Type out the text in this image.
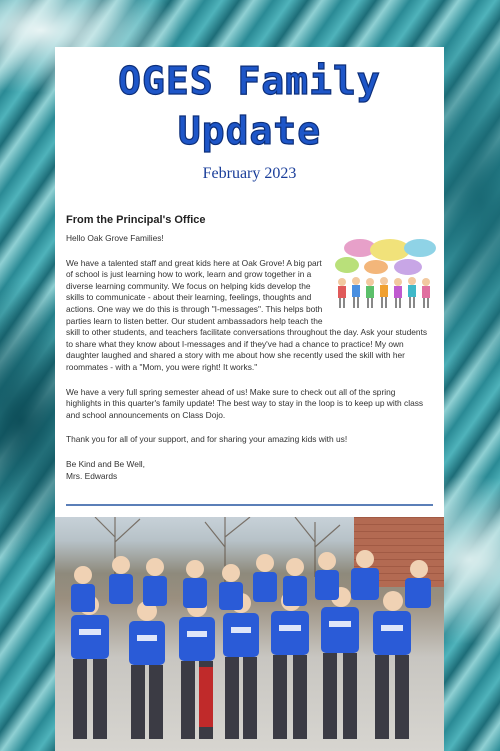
OGES Family
Update
February 2023
From the Principal's Office

Hello Oak Grove Families!

We have a talented staff and great kids here at Oak Grove! A big part of school is just learning how to work, learn and grow together in a diverse learning community. We focus on helping kids develop the skills to communicate - about their learning, feelings, thoughts and actions. One way we do this is through "I-messages". This helps both parties learn to listen better. Our student ambassadors help teach the skill to other students, and teachers facilitate conversations throughout the day. Ask your students to share what they know about I-messages and if they've had a chance to practice! My own daughter laughed and shared a story with me about how she recently used the skill with her roommates - with a "Mom, you were right! It works."

We have a very full spring semester ahead of us! Make sure to check out all of the spring highlights in this quarter's family update! The best way to stay in the loop is to keep up with class and school announcements on Class Dojo.

Thank you for all of your support, and for sharing your amazing kids with us!

Be Kind and Be Well,

Mrs. Edwards
